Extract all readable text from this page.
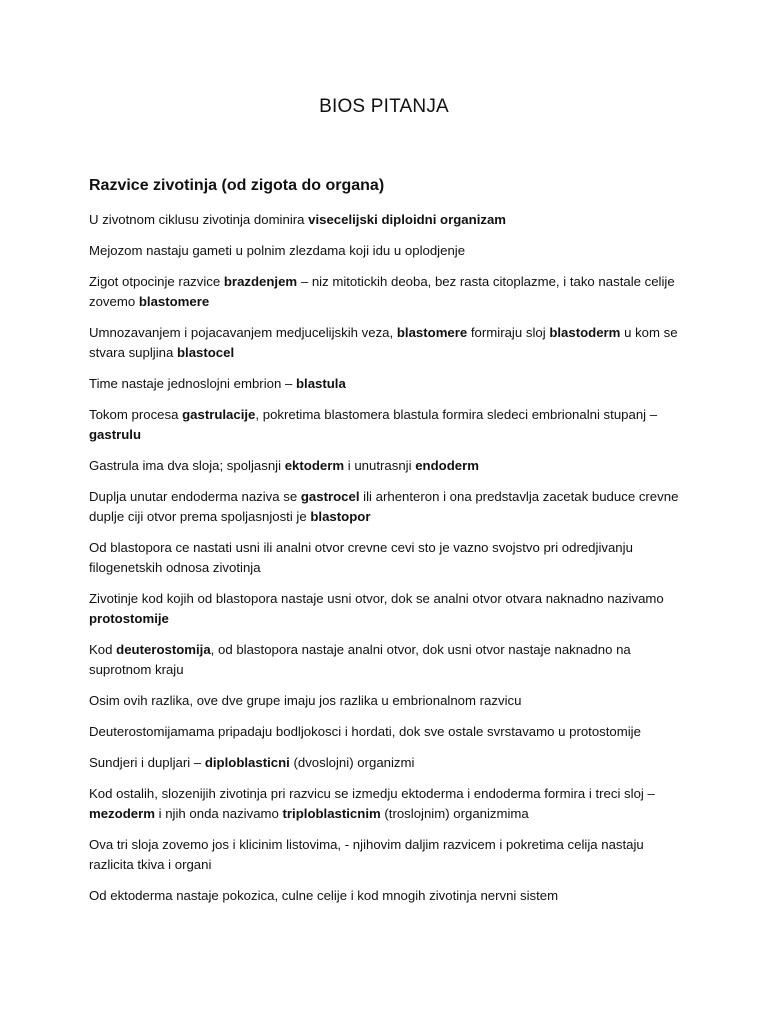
BIOS PITANJA
Razvice zivotinja (od zigota do organa)

U zivotnom ciklusu zivotinja dominira visecelijski diploidni organizam

Mejozom nastaju gameti u polnim zlezdama koji idu u oplodjenje

Zigot otpocinje razvice brazdenjem – niz mitotickih deoba, bez rasta citoplazme, i tako nastale celije zovemo blastomere

Umnozavanjem i pojacavanjem medjucelijskih veza, blastomere formiraju sloj blastoderm u kom se stvara supljina blastocel

Time nastaje jednoslojni embrion – blastula

Tokom procesa gastrulacije, pokretima blastomera blastula formira sledeci embrionalni stupanj – gastrulu

Gastrula ima dva sloja; spoljasnji ektoderm i unutrasnji endoderm

Duplja unutar endoderma naziva se gastrocel ili arhenteron i ona predstavlja zacetak buduce crevne duplje ciji otvor prema spoljasnjosti je blastopor

Od blastopora ce nastati usni ili analni otvor crevne cevi sto je vazno svojstvo pri odredjivanju filogenetskih odnosa zivotinja

Zivotinje kod kojih od blastopora nastaje usni otvor, dok se analni otvor otvara naknadno nazivamo protostomije

Kod deuterostomija, od blastopora nastaje analni otvor, dok usni otvor nastaje naknadno na suprotnom kraju

Osim ovih razlika, ove dve grupe imaju jos razlika u embrionalnom razvicu

Deuterostomijamama pripadaju bodljokosci i hordati, dok sve ostale svrstavamo u protostomije

Sundjeri i dupljari – diploblasticni (dvoslojni) organizmi

Kod ostalih, slozenijih zivotinja pri razvicu se izmedju ektoderma i endoderma formira i treci sloj – mezoderm i njih onda nazivamo triploblasticnim (troslojnim) organizmima

Ova tri sloja zovemo jos i klicinim listovima, - njihovim daljim razvicem i pokretima celija nastaju razlicita tkiva i organi

Od ektoderma nastaje pokozica, culne celije i kod mnogih zivotinja nervni sistem
